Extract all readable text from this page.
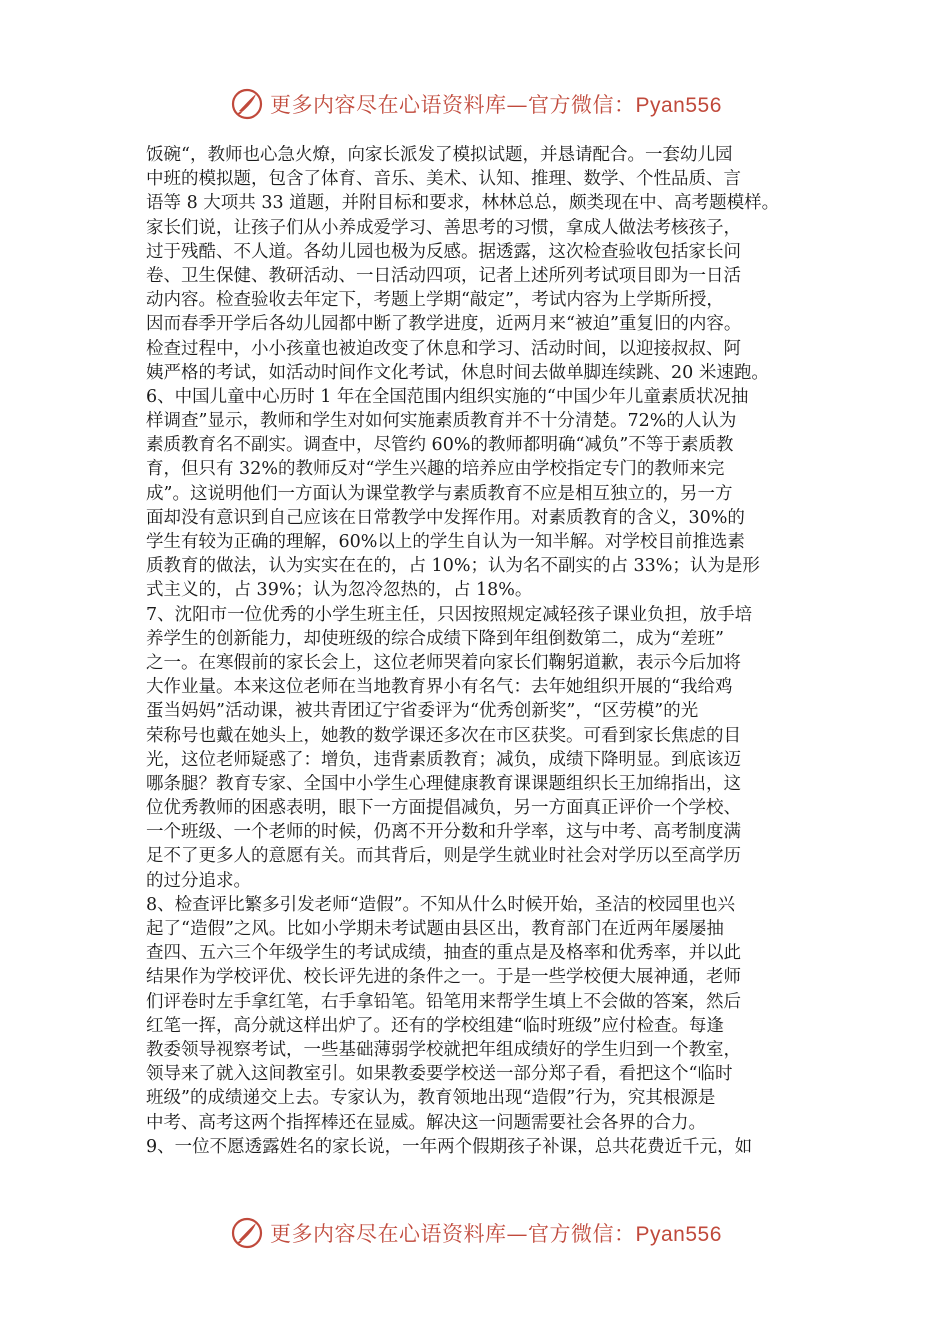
更多内容尽在心语资料库—官方微信：Pyan556
饭碗“，教师也心急火燎，向家长派发了模拟试题，并恳请配合。一套幼儿园
中班的模拟题，包含了体育、音乐、美术、认知、推理、数学、个性品质、言
语等 8 大项共 33 道题，并附目标和要求，林林总总，颇类现在中、高考题模样。
家长们说，让孩子们从小养成爱学习、善思考的习惯，拿成人做法考核孩子，
过于残酷、不人道。各幼儿园也极为反感。据透露，这次检查验收包括家长问
卷、卫生保健、教研活动、一日活动四项，记者上述所列考试项目即为一日活
动内容。检查验收去年定下，考题上学期“敲定”，考试内容为上学斯所授，
因而春季开学后各幼儿园都中断了教学进度，近两月来“被迫”重复旧的内容。
检查过程中，小小孩童也被迫改变了休息和学习、活动时间，以迎接叔叔、阿
姨严格的考试，如活动时间作文化考试，休息时间去做单脚连续跳、20 米速跑。
6、中国儿童中心历时 1 年在全国范围内组织实施的“中国少年儿童素质状况抽
样调查”显示，教师和学生对如何实施素质教育并不十分清楚。72%的人认为
素质教育名不副实。调查中，尽管约 60%的教师都明确“减负”不等于素质教
育，但只有 32%的教师反对“学生兴趣的培养应由学校指定专门的教师来完
成”。这说明他们一方面认为课堂教学与素质教育不应是相互独立的，另一方
面却没有意识到自己应该在日常教学中发挥作用。对素质教育的含义，30%的
学生有较为正确的理解，60%以上的学生自认为一知半解。对学校目前推选素
质教育的做法，认为实实在在的，占 10%；认为名不副实的占 33%；认为是形
式主义的，占 39%；认为忽冷忽热的，占 18%。
7、沈阳市一位优秀的小学生班主任，只因按照规定减轻孩子课业负担，放手培
养学生的创新能力，却使班级的综合成绩下降到年组倒数第二，成为“差班”
之一。在寒假前的家长会上，这位老师哭着向家长们鞠躬道歉，表示今后加将
大作业量。本来这位老师在当地教育界小有名气：去年她组织开展的“我给鸡
蛋当妈妈”活动课，被共青团辽宁省委评为“优秀创新奖”，“区劳模”的光
荣称号也戴在她头上，她教的数学课还多次在市区获奖。可看到家长焦虑的目
光，这位老师疑惑了：增负，违背素质教育；减负，成绩下降明显。到底该迈
哪条腿？教育专家、全国中小学生心理健康教育课课题组织长王加绵指出，这
位优秀教师的困惑表明，眼下一方面提倡减负，另一方面真正评价一个学校、
一个班级、一个老师的时候，仍离不开分数和升学率，这与中考、高考制度满
足不了更多人的意愿有关。而其背后，则是学生就业时社会对学历以至高学历
的过分追求。
8、检查评比繁多引发老师“造假”。不知从什么时候开始，圣洁的校园里也兴
起了“造假”之风。比如小学期未考试题由县区出，教育部门在近两年屡屡抽
查四、五六三个年级学生的考试成绩，抽查的重点是及格率和优秀率，并以此
结果作为学校评优、校长评先进的条件之一。于是一些学校便大展神通，老师
们评卷时左手拿红笔，右手拿铅笔。铅笔用来帮学生填上不会做的答案，然后
红笔一挥，高分就这样出炉了。还有的学校组建“临时班级”应付检查。每逢
教委领导视察考试，一些基础薄弱学校就把年组成绩好的学生归到一个教室，
领导来了就入这间教室引。如果教委要学校送一部分郑子看，看把这个“临时
班级”的成绩递交上去。专家认为，教育领地出现“造假”行为，究其根源是
中考、高考这两个指挥棒还在显威。解决这一问题需要社会各界的合力。
9、一位不愿透露姓名的家长说，一年两个假期孩子补课，总共花费近千元，如
更多内容尽在心语资料库—官方微信：Pyan556
